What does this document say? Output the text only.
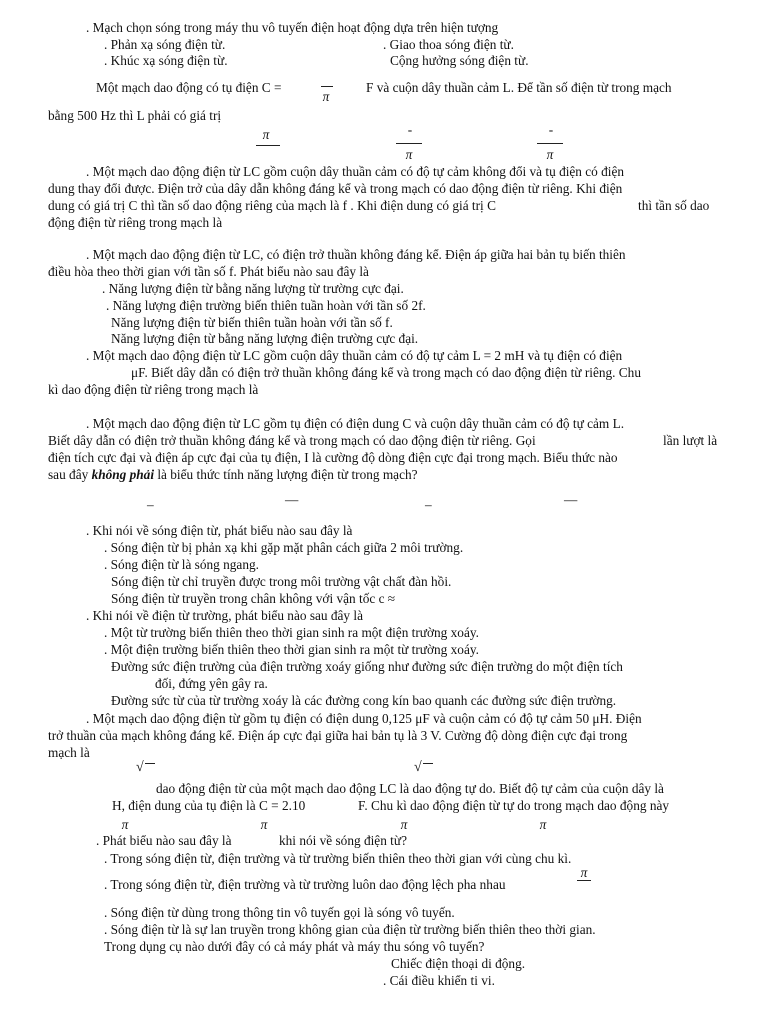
. Mạch chọn sóng trong máy thu vô tuyến điện hoạt động dựa trên hiện tượng
. Phản xạ sóng điện từ.	. Giao thoa sóng điện từ.
. Khúc xạ sóng điện từ.	Cộng hưởng sóng điện từ.
Một mạch dao động có tụ điện C =
π
F và cuộn dây thuần cảm L. Để tần số điện từ trong mạch
bằng 500 Hz thì L phải có giá trị
π	-
π
-
π
. Một mạch dao động điện từ LC gồm cuộn dây thuần cảm có độ tự cảm không đổi và tụ điện có điện
dung thay đổi được. Điện trở của dây dẫn không đáng kể và trong mạch có dao động điện từ riêng. Khi điện
dung có giá trị C thì tần số dao động riêng của mạch là f . Khi điện dung có giá trị C	thì tần số dao
động điện từ riêng trong mạch là
. Một mạch dao động điện từ LC, có điện trở thuần không đáng kể. Điện áp giữa hai bản tụ biến thiên
điều hòa theo thời gian với tần số f. Phát biểu nào sau đây là
. Năng lượng điện từ bằng năng lượng từ trường cực đại.
. Năng lượng điện trường biến thiên tuần hoàn với tần số 2f.
Năng lượng điện từ biến thiên tuần hoàn với tần số f.
Năng lượng điện từ bằng năng lượng điện trường cực đại.
. Một mạch dao động điện từ LC gồm cuộn dây thuần cảm có độ tự cảm L = 2 mH và tụ điện có điện
μF. Biết dây dẫn có điện trở thuần không đáng kể và trong mạch có dao động điện từ riêng. Chu
kì dao động điện từ riêng trong mạch là
. Một mạch dao động điện từ LC gồm tụ điện có điện dung C và cuộn dây thuần cảm có độ tự cảm L.
Biết dây dẫn có điện trở thuần không đáng kể và trong mạch có dao động điện từ riêng. Gọi	lần lượt là
điện tích cực đại và điện áp cực đại của tụ điện, I là cường độ dòng điện cực đại trong mạch. Biểu thức nào
sau đây không phải là biểu thức tính năng lượng điện từ trong mạch?
–	—	–	—
. Khi nói về sóng điện từ, phát biểu nào sau đây là
. Sóng điện từ bị phản xạ khi gặp mặt phân cách giữa 2 môi trường.
. Sóng điện từ là sóng ngang.
Sóng điện từ chỉ truyền được trong môi trường vật chất đàn hồi.
Sóng điện từ truyền trong chân không với vận tốc c ≈
. Khi nói về điện từ trường, phát biểu nào sau đây là
. Một từ trường biến thiên theo thời gian sinh ra một điện trường xoáy.
. Một điện trường biến thiên theo thời gian sinh ra một từ trường xoáy.
Đường sức điện trường của điện trường xoáy giống như đường sức điện trường do một điện tích
đối, đứng yên gây ra.
Đường sức từ của từ trường xoáy là các đường cong kín bao quanh các đường sức điện trường.
. Một mạch dao động điện từ gồm tụ điện có điện dung 0,125 μF và cuộn cảm có độ tự cảm 50 μH. Điện
trở thuần của mạch không đáng kể. Điện áp cực đại giữa hai bản tụ là 3 V. Cường độ dòng điện cực đại trong
mạch là
√	√
dao động điện từ của một mạch dao động LC là dao động tự do. Biết độ tự cảm của cuộn dây là
H, điện dung của tụ điện là C = 2.10	F. Chu kì dao động điện từ tự do trong mạch dao động này
π	π	π	π
. Phát biểu nào sau đây là	khi nói về sóng điện từ?
. Trong sóng điện từ, điện trường và từ trường biến thiên theo thời gian với cùng chu kì.
. Trong sóng điện từ, điện trường và từ trường luôn dao động lệch pha nhau
π
. Sóng điện từ dùng trong thông tin vô tuyến gọi là sóng vô tuyến.
. Sóng điện từ là sự lan truyền trong không gian của điện từ trường biến thiên theo thời gian.
Trong dụng cụ nào dưới đây có cả máy phát và máy thu sóng vô tuyến?
Chiếc điện thoại di động.
. Cái điều khiển ti vi.
